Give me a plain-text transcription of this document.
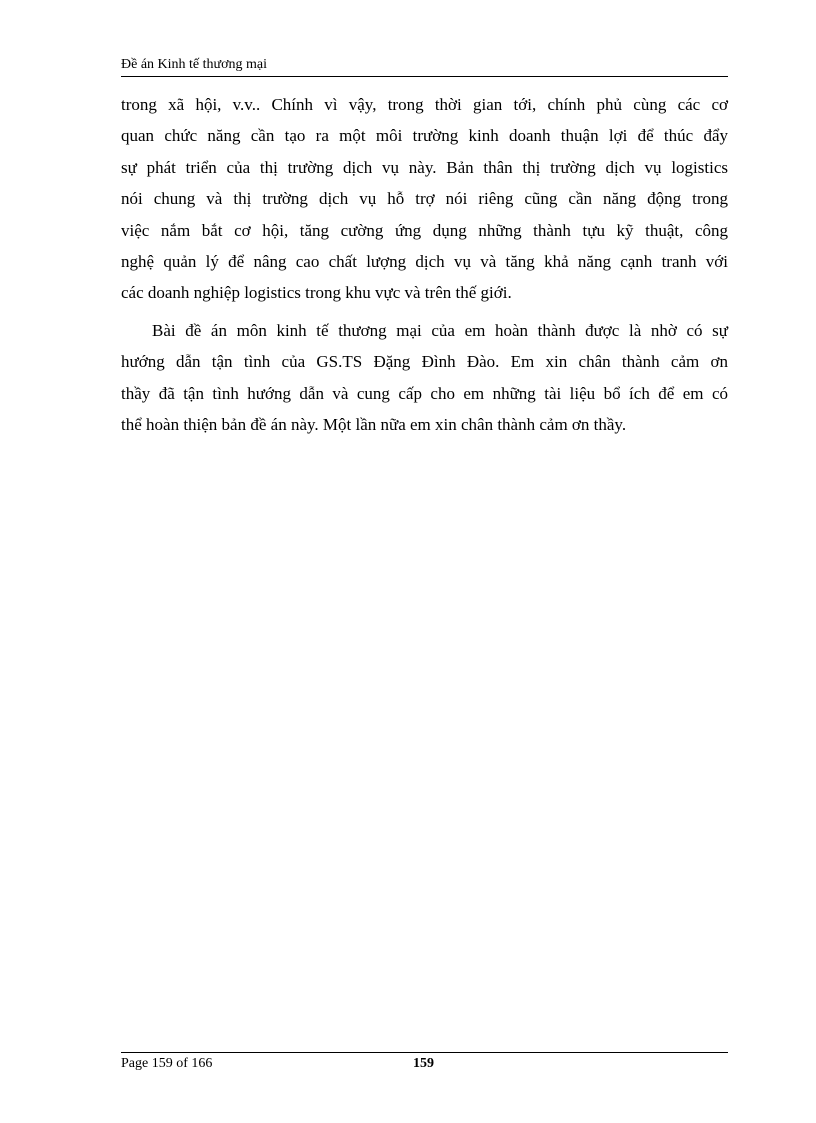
Đề án Kinh tế thương mại

trong xã hội, v.v.. Chính vì vậy, trong thời gian tới, chính phủ cùng các cơ
quan chức năng cần tạo ra một môi trường kinh doanh thuận lợi để thúc đẩy
sự phát triển của thị trường dịch vụ này. Bản thân thị trường dịch vụ logistics
nói chung và thị trường dịch vụ hỗ trợ nói riêng cũng cần năng động trong
việc nắm bắt cơ hội, tăng cường ứng dụng những thành tựu kỹ thuật, công
nghệ quản lý để nâng cao chất lượng dịch vụ và tăng khả năng cạnh tranh với
các doanh nghiệp logistics trong khu vực và trên thế giới.

Bài đề án môn kinh tế thương mại của em hoàn thành được là nhờ có sự
hướng dẫn tận tình của GS.TS Đặng Đình Đào. Em xin chân thành cảm ơn
thầy đã tận tình hướng dẫn và cung cấp cho em những tài liệu bổ ích để em có
thể hoàn thiện bản đề án này. Một lần nữa em xin chân thành cảm ơn thầy.

Page 159 of 166	159
